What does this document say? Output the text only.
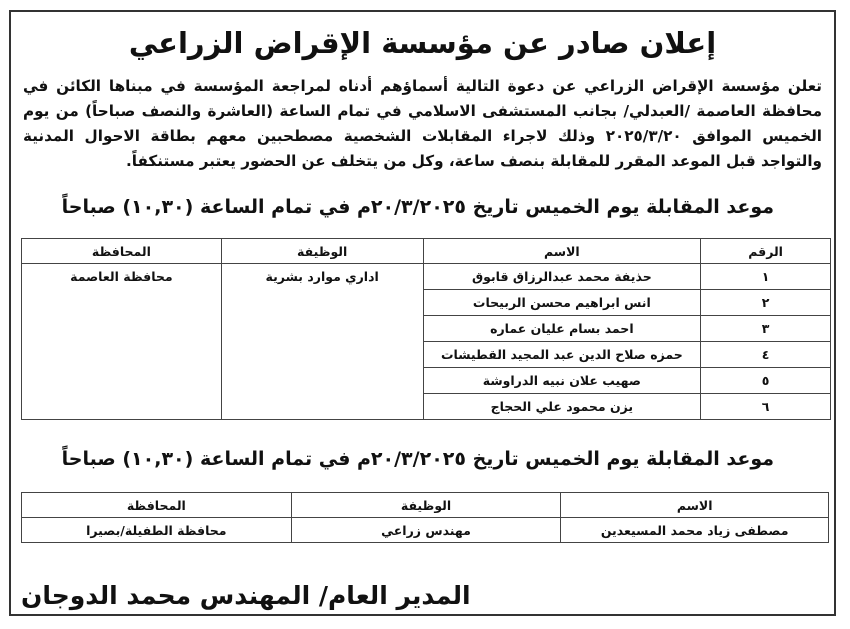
إعلان صادر عن مؤسسة الإقراض الزراعي
تعلن مؤسسة الإقراض الزراعي عن دعوة التالية أسماؤهم أدناه لمراجعة المؤسسة في مبناها الكائن في محافظة العاصمة /العبدلي/ بجانب المستشفى الاسلامي في تمام الساعة (العاشرة والنصف صباحاً) من يوم الخميس الموافق ٢٠٢٥/٣/٢٠ وذلك لاجراء المقابلات الشخصية مصطحبين معهم بطاقة الاحوال المدنية والتواجد قبل الموعد المقرر للمقابلة بنصف ساعة، وكل من يتخلف عن الحضور يعتبر مستنكفاً.
موعد المقابلة يوم الخميس تاريخ ٢٠/٣/٢٠٢٥م في تمام الساعة (١٠,٣٠) صباحاً
الرقم	الاسم	الوظيفة	المحافظة
١	حذيفة محمد عبدالرزاق قابوق	اداري موارد بشرية	محافظة العاصمة
٢	انس ابراهيم محسن الربيحات		
٣	احمد بسام عليان عماره		
٤	حمزه صلاح الدين عبد المجيد القطيشات		
٥	صهيب علان نبيه الدراوشة		
٦	يزن محمود علي الحجاج		
موعد المقابلة يوم الخميس تاريخ ٢٠/٣/٢٠٢٥م في تمام الساعة (١٠,٣٠) صباحاً
الاسم	الوظيفة	المحافظة
مصطفى زياد محمد المسيعدين	مهندس زراعي	محافظة الطفيلة/بصيرا
المدير العام/ المهندس محمد الدوجان
